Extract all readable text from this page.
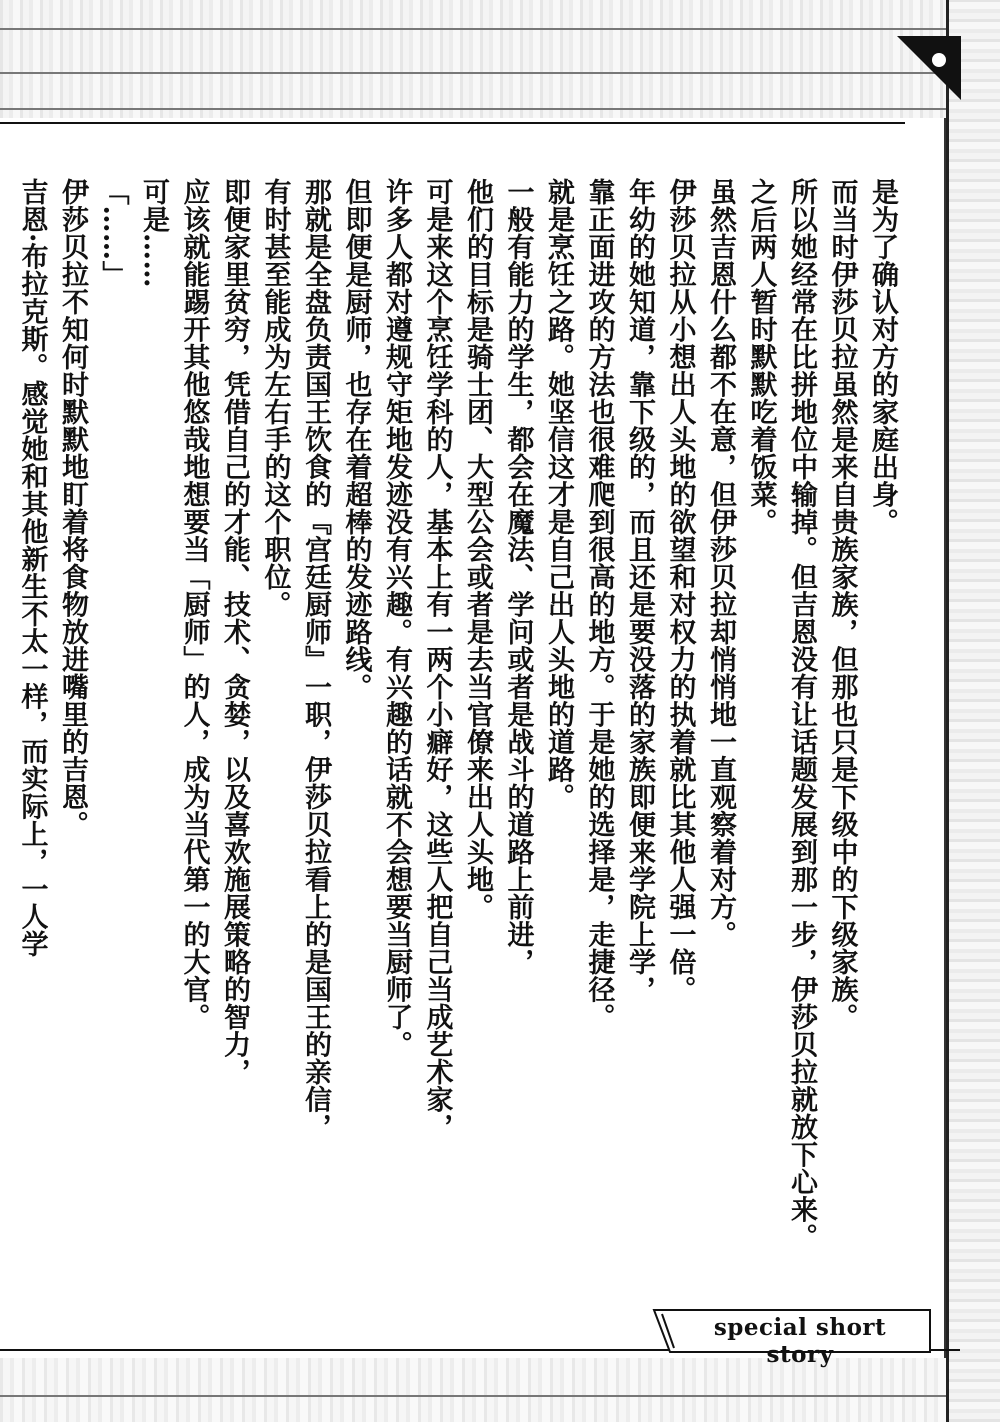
是为了确认对方的家庭出身。

而当时伊莎贝拉虽然是来自贵族家族，但那也只是下级中的下级家族。

所以她经常在比拼地位中输掉。但吉恩没有让话题发展到那一步，伊莎贝拉就放下心来。

之后两人暂时默默吃着饭菜。

虽然吉恩什么都不在意，但伊莎贝拉却悄悄地一直观察着对方。

伊莎贝拉从小想出人头地的欲望和对权力的执着就比其他人强一倍。

年幼的她知道，靠下级的，而且还是要没落的家族即便来学院上学，

靠正面进攻的方法也很难爬到很高的地方。于是她的选择是，走捷径。

就是烹饪之路。她坚信这才是自己出人头地的道路。

一般有能力的学生，都会在魔法、学问或者是战斗的道路上前进，

他们的目标是骑士团、大型公会或者是去当官僚来出人头地。

可是来这个烹饪学科的人，基本上有一两个小癖好，这些人把自己当成艺术家，

许多人都对遵规守矩地发迹没有兴趣。有兴趣的话就不会想要当厨师了。

但即便是厨师，也存在着超棒的发迹路线。

那就是全盘负责国王饮食的『宫廷厨师』一职，伊莎贝拉看上的是国王的亲信，

有时甚至能成为左右手的这个职位。

即便家里贫穷，凭借自己的才能、技术、贪婪，以及喜欢施展策略的智力，

应该就能踢开其他悠哉地想要当「厨师」的人，成为当代第一的大官。

可是……

「……」

伊莎贝拉不知何时默默地盯着将食物放进嘴里的吉恩。

吉恩·布拉克斯。感觉她和其他新生不太一样，而实际上，一人学

special short story
